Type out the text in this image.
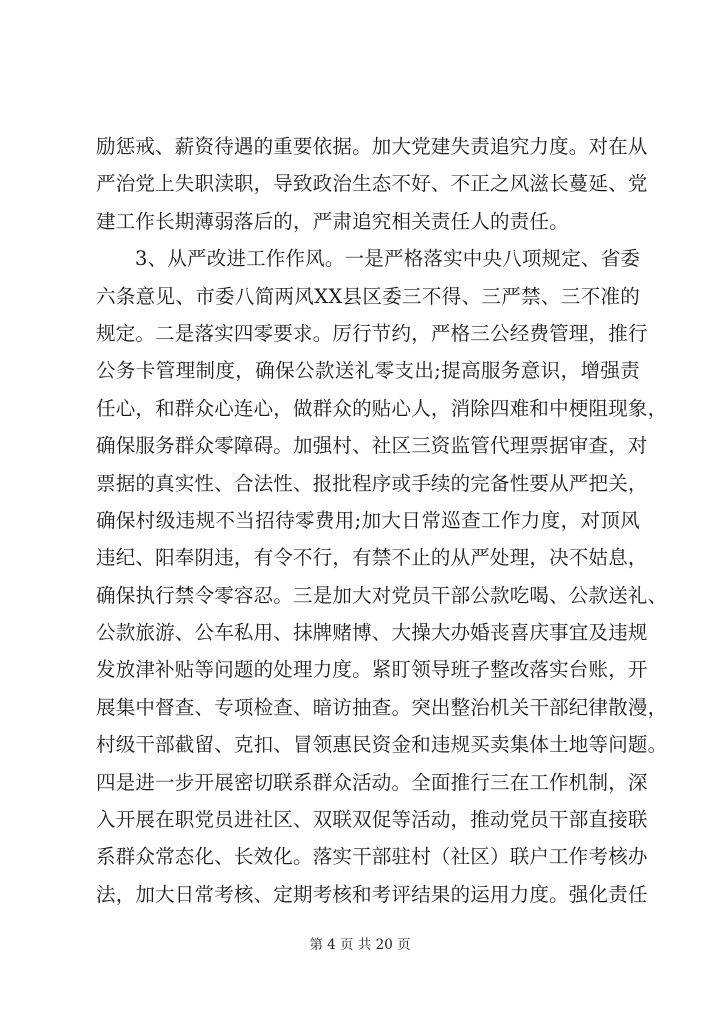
励惩戒、薪资待遇的重要依据。加大党建失责追究力度。对在从
严治党上失职渎职，导致政治生态不好、不正之风滋长蔓延、党
建工作长期薄弱落后的，严肃追究相关责任人的责任。
3、从严改进工作作风。一是严格落实中央八项规定、省委
六条意见、市委八简两风XX县区委三不得、三严禁、三不准的
规定。二是落实四零要求。厉行节约，严格三公经费管理，推行
公务卡管理制度，确保公款送礼零支出;提高服务意识，增强责
任心，和群众心连心，做群众的贴心人，消除四难和中梗阻现象，
确保服务群众零障碍。加强村、社区三资监管代理票据审查，对
票据的真实性、合法性、报批程序或手续的完备性要从严把关，
确保村级违规不当招待零费用;加大日常巡查工作力度，对顶风
违纪、阳奉阴违，有令不行，有禁不止的从严处理，决不姑息，
确保执行禁令零容忍。三是加大对党员干部公款吃喝、公款送礼、
公款旅游、公车私用、抹牌赌博、大操大办婚丧喜庆事宜及违规
发放津补贴等问题的处理力度。紧盯领导班子整改落实台账，开
展集中督查、专项检查、暗访抽查。突出整治机关干部纪律散漫，
村级干部截留、克扣、冒领惠民资金和违规买卖集体土地等问题。
四是进一步开展密切联系群众活动。全面推行三在工作机制，深
入开展在职党员进社区、双联双促等活动，推动党员干部直接联
系群众常态化、长效化。落实干部驻村（社区）联户工作考核办
法，加大日常考核、定期考核和考评结果的运用力度。强化责任
第 4 页 共 20 页
